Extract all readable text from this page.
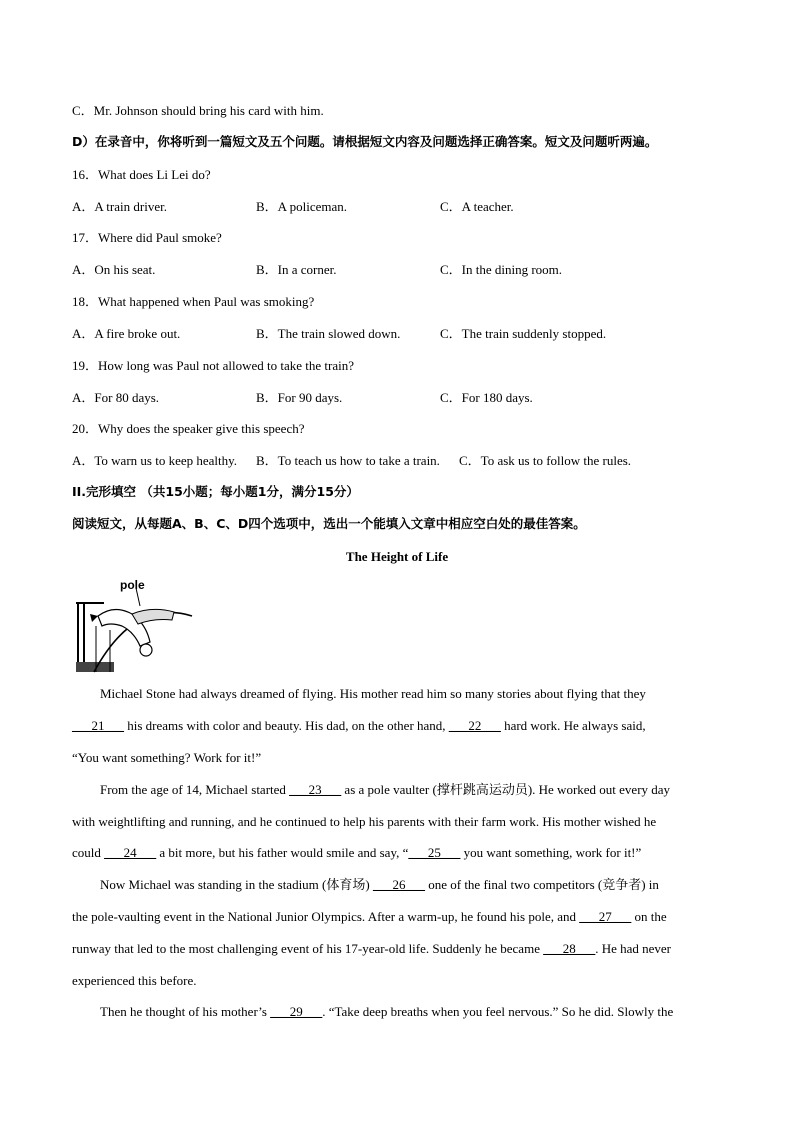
C．Mr. Johnson should bring his card with him.
D）在录音中，你将听到一篇短文及五个问题。请根据短文内容及问题选择正确答案。短文及问题听两遍。
16．What does Li Lei do?
A．A train driver.	B．A policeman.	C．A teacher.
17．Where did Paul smoke?
A．On his seat.	B．In a corner.	C．In the dining room.
18．What happened when Paul was smoking?
A．A fire broke out.	B．The train slowed down.	C．The train suddenly stopped.
19．How long was Paul not allowed to take the train?
A．For 80 days.	B．For 90 days.	C．For 180 days.
20．Why does the speaker give this speech?
A．To warn us to keep healthy. B．To teach us how to take a train. C．To ask us to follow the rules.
II.完形填空 （共15小题；每小题1分，满分15分）
阅读短文，从每题A、B、C、D四个选项中，选出一个能填入文章中相应空白处的最佳答案。
The Height of Life
pole
Michael Stone had always dreamed of flying. His mother read him so many stories about flying that they
___21___ his dreams with color and beauty. His dad, on the other hand, ___22___ hard work. He always said,
“You want something? Work for it!”
From the age of 14, Michael started ___23___ as a pole vaulter (撑杆跳高运动员). He worked out every day
with weightlifting and running, and he continued to help his parents with their farm work. His mother wished he
could ___24___ a bit more, but his father would smile and say, “___25___ you want something, work for it!”
Now Michael was standing in the stadium (体育场) ___26___ one of the final two competitors (竞争者) in
the pole-vaulting event in the National Junior Olympics. After a warm-up, he found his pole, and ___27___ on the
runway that led to the most challenging event of his 17-year-old life. Suddenly he became ___28___. He had never
experienced this before.
Then he thought of his mother’s ___29___. “Take deep breaths when you feel nervous.” So he did. Slowly the
